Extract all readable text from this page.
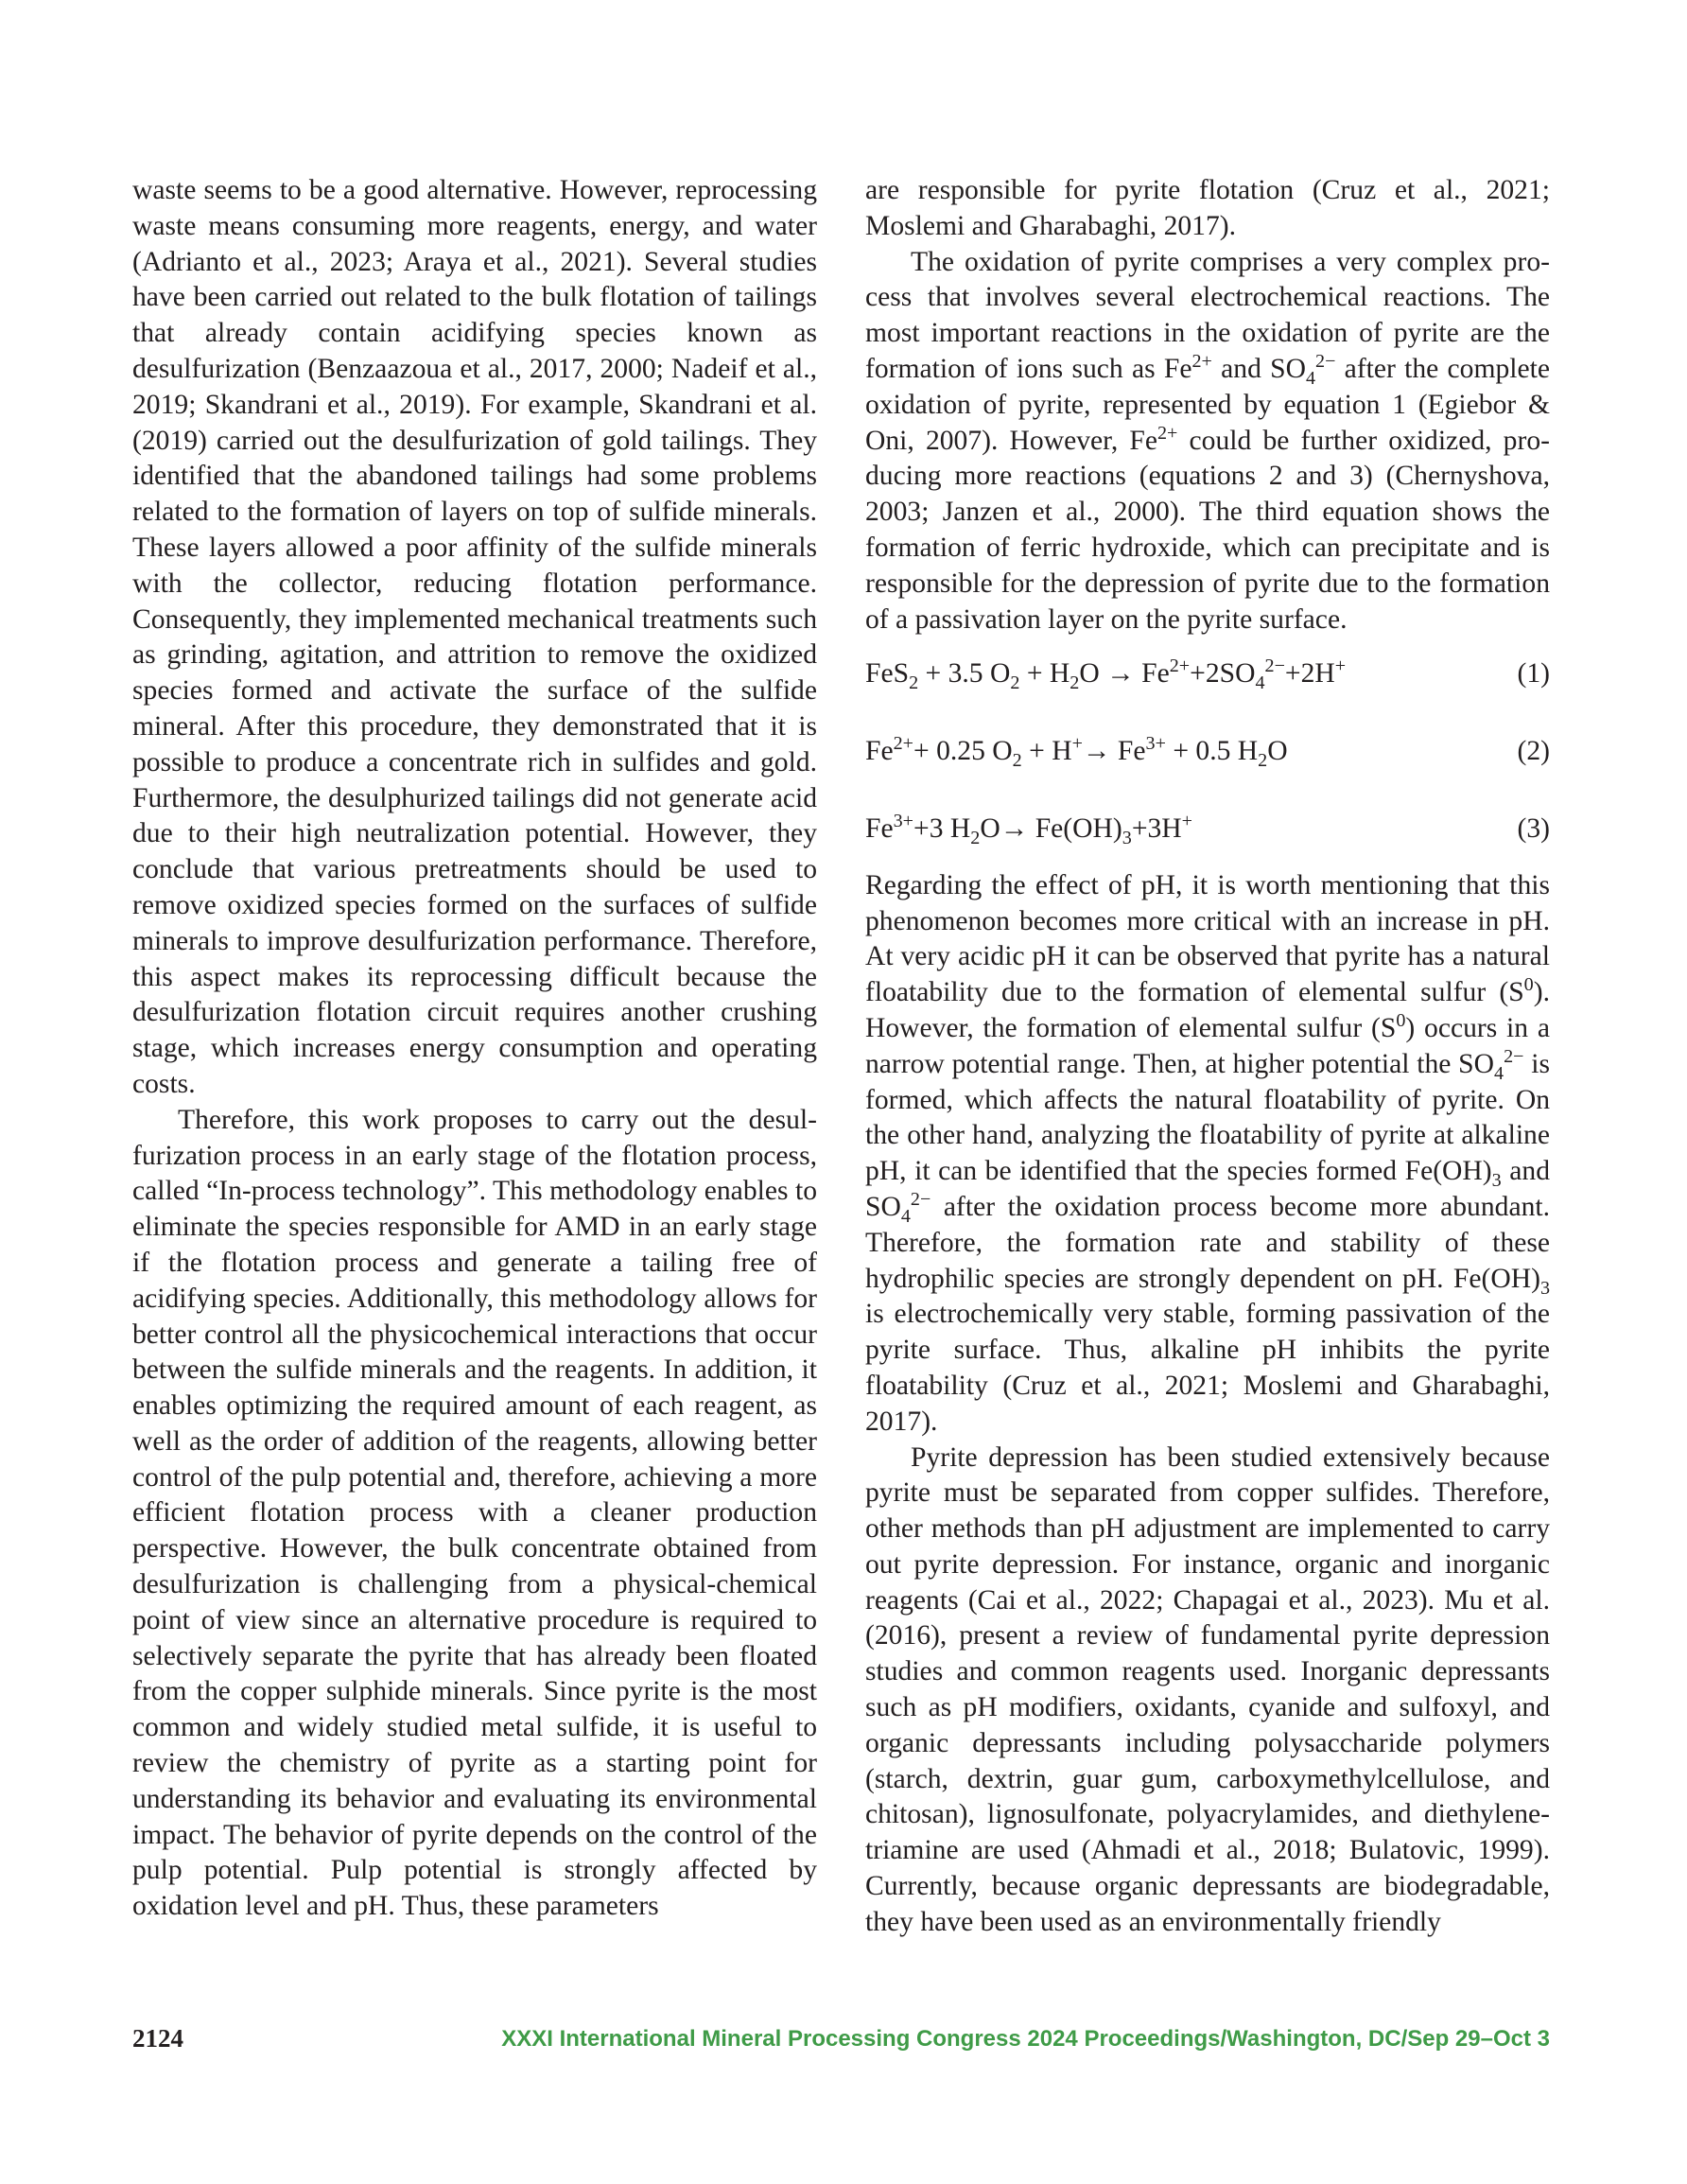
waste seems to be a good alternative. However, reprocessing waste means consuming more reagents, energy, and water (Adrianto et al., 2023; Araya et al., 2021). Several studies have been carried out related to the bulk flotation of tailings that already contain acidifying species known as desulfurization (Benzaazoua et al., 2017, 2000; Nadeif et al., 2019; Skandrani et al., 2019). For example, Skandrani et al. (2019) carried out the desulfurization of gold tailings. They identified that the abandoned tailings had some problems related to the formation of layers on top of sulfide minerals. These layers allowed a poor affinity of the sulfide minerals with the collector, reducing flotation performance. Consequently, they implemented mechanical treatments such as grinding, agitation, and attrition to remove the oxidized species formed and activate the surface of the sulfide mineral. After this procedure, they demonstrated that it is possible to produce a concentrate rich in sulfides and gold. Furthermore, the desulphurized tailings did not generate acid due to their high neutralization potential. However, they conclude that various pretreatments should be used to remove oxidized species formed on the surfaces of sulfide minerals to improve desulfurization performance. Therefore, this aspect makes its reprocessing difficult because the desulfurization flotation circuit requires another crushing stage, which increases energy consumption and operating costs.

Therefore, this work proposes to carry out the desulfurization process in an early stage of the flotation process, called “In-process technology”. This methodology enables to eliminate the species responsible for AMD in an early stage if the flotation process and generate a tailing free of acidifying species. Additionally, this methodology allows for better control all the physicochemical interactions that occur between the sulfide minerals and the reagents. In addition, it enables optimizing the required amount of each reagent, as well as the order of addition of the reagents, allowing better control of the pulp potential and, therefore, achieving a more efficient flotation process with a cleaner production perspective. However, the bulk concentrate obtained from desulfurization is challenging from a physical-chemical point of view since an alternative procedure is required to selectively separate the pyrite that has already been floated from the copper sulphide minerals. Since pyrite is the most common and widely studied metal sulfide, it is useful to review the chemistry of pyrite as a starting point for understanding its behavior and evaluating its environmental impact. The behavior of pyrite depends on the control of the pulp potential. Pulp potential is strongly affected by oxidation level and pH. Thus, these parameters

are responsible for pyrite flotation (Cruz et al., 2021; Moslemi and Gharabaghi, 2017).

The oxidation of pyrite comprises a very complex process that involves several electrochemical reactions. The most important reactions in the oxidation of pyrite are the formation of ions such as $Fe^{2+}$ and $SO_4^{2-}$ after the complete oxidation of pyrite, represented by equation 1 (Egiebor & Oni, 2007). However, $Fe^{2+}$ could be further oxidized, producing more reactions (equations 2 and 3) (Chernyshova, 2003; Janzen et al., 2000). The third equation shows the formation of ferric hydroxide, which can precipitate and is responsible for the depression of pyrite due to the formation of a passivation layer on the pyrite surface.

FeS$_2$ + 3.5 $O_2 + H_2O \to Fe^{2+}+2SO_4^{2-}+2H^+$	(1)
$Fe^{2+}+ 0.25$ $O_2 + H^+\to Fe^{3+} + 0.5$ $H_2O$	(2)
$Fe^{3+}+3$ $H_2O\to Fe(OH)_3+3H^+$	(3)

Regarding the effect of pH, it is worth mentioning that this phenomenon becomes more critical with an increase in pH. At very acidic pH it can be observed that pyrite has a natural floatability due to the formation of elemental sulfur $(S^0)$. However, the formation of elemental sulfur $(S^0)$ occurs in a narrow potential range. Then, at higher potential the $SO_4^{2-}$ is formed, which affects the natural floatability of pyrite. On the other hand, analyzing the floatability of pyrite at alkaline pH, it can be identified that the species formed $Fe(OH)_3$ and $SO_4^{2-}$ after the oxidation process become more abundant. Therefore, the formation rate and stability of these hydrophilic species are strongly dependent on pH. $Fe(OH)_3$ is electrochemically very stable, forming passivation of the pyrite surface. Thus, alkaline pH inhibits the pyrite floatability (Cruz et al., 2021; Moslemi and Gharabaghi, 2017).

Pyrite depression has been studied extensively because pyrite must be separated from copper sulfides. Therefore, other methods than pH adjustment are implemented to carry out pyrite depression. For instance, organic and inorganic reagents (Cai et al., 2022; Chapagai et al., 2023). Mu et al. (2016), present a review of fundamental pyrite depression studies and common reagents used. Inorganic depressants such as pH modifiers, oxidants, cyanide and sulfoxyl, and organic depressants including polysaccharide polymers (starch, dextrin, guar gum, carboxymethylcellulose, and chitosan), lignosulfonate, polyacrylamides, and diethylenetriamine are used (Ahmadi et al., 2018; Bulatovic, 1999). Currently, because organic depressants are biodegradable, they have been used as an environmentally friendly

2124	XXXI International Mineral Processing Congress 2024 Proceedings/Washington, DC/Sep 29–Oct 3
